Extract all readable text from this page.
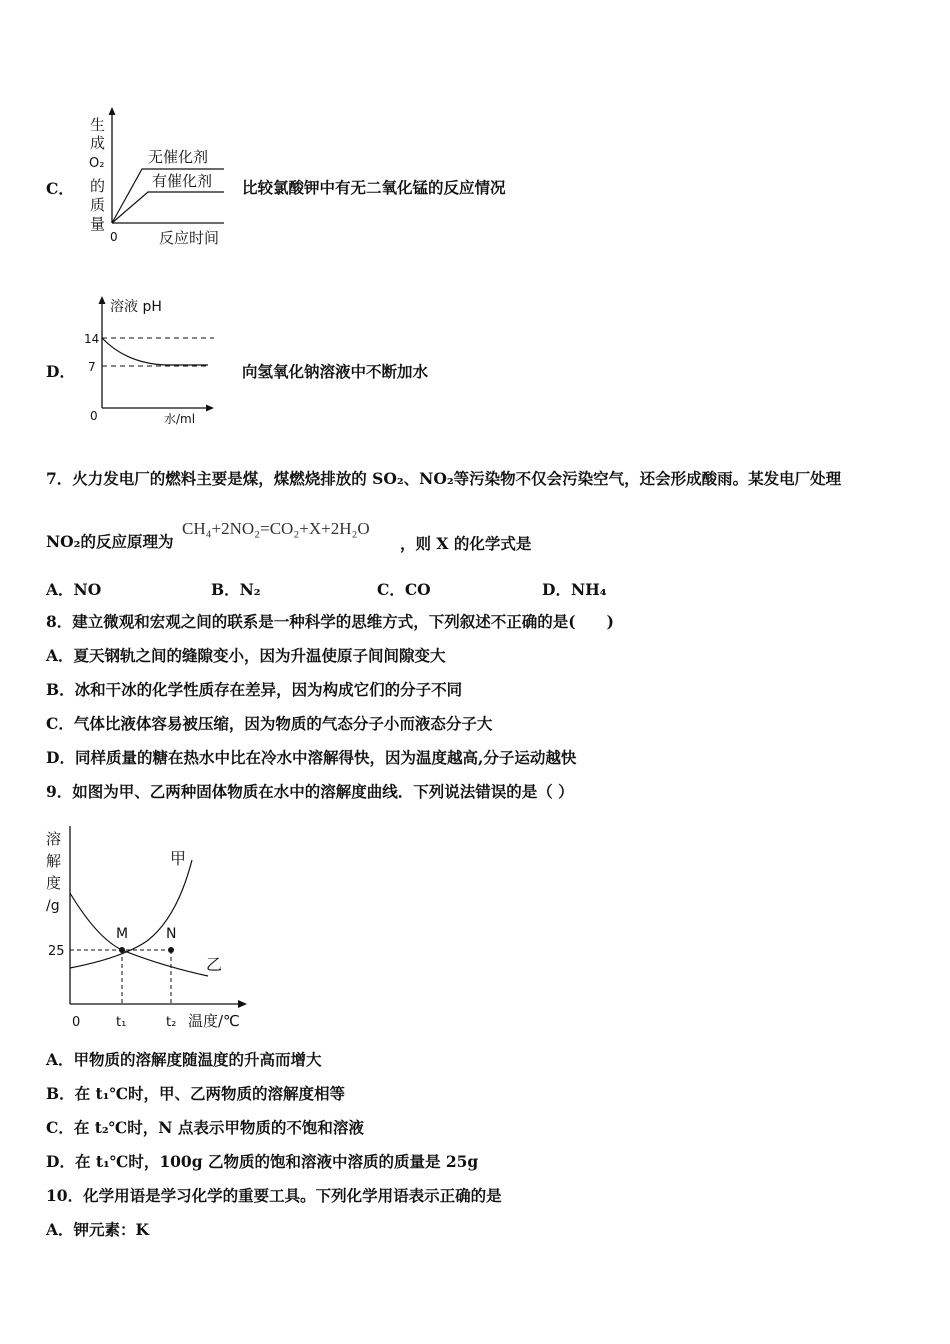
C．
生
成
O₂
的
质
量
0	反应时间
无催化剂
有催化剂 比较氯酸钾中有无二氧化锰的反应情况
D．
溶液 pH
14
7
0	水/ml
向氢氧化钠溶液中不断加水
7．火力发电厂的燃料主要是煤，煤燃烧排放的 SO₂、NO₂等污染物不仅会污染空气，还会形成酸雨。某发电厂处理
NO₂的反应原理为
CH₄+2NO₂=CO₂+X+2H₂O
，则 X 的化学式是
A．NO	B．N₂	C．CO	D．NH₄
8．建立微观和宏观之间的联系是一种科学的思维方式，下列叙述不正确的是(　　)
A．夏天钢轨之间的缝隙变小，因为升温使原子间间隙变大
B．冰和干冰的化学性质存在差异，因为构成它们的分子不同
C．气体比液体容易被压缩，因为物质的气态分子小而液态分子大
D．同样质量的糖在热水中比在冷水中溶解得快，因为温度越高,分子运动越快
9．如图为甲、乙两种固体物质在水中的溶解度曲线．下列说法错误的是（ ）
溶
解
度
/g
25
0	t₁	t₂ 温度/℃
甲
乙
M	N
A．甲物质的溶解度随温度的升高而增大
B．在 t₁℃时，甲、乙两物质的溶解度相等
C．在 t₂℃时，N 点表示甲物质的不饱和溶液
D．在 t₁℃时，100g 乙物质的饱和溶液中溶质的质量是 25g
10．化学用语是学习化学的重要工具。下列化学用语表示正确的是
A．钾元素：K
